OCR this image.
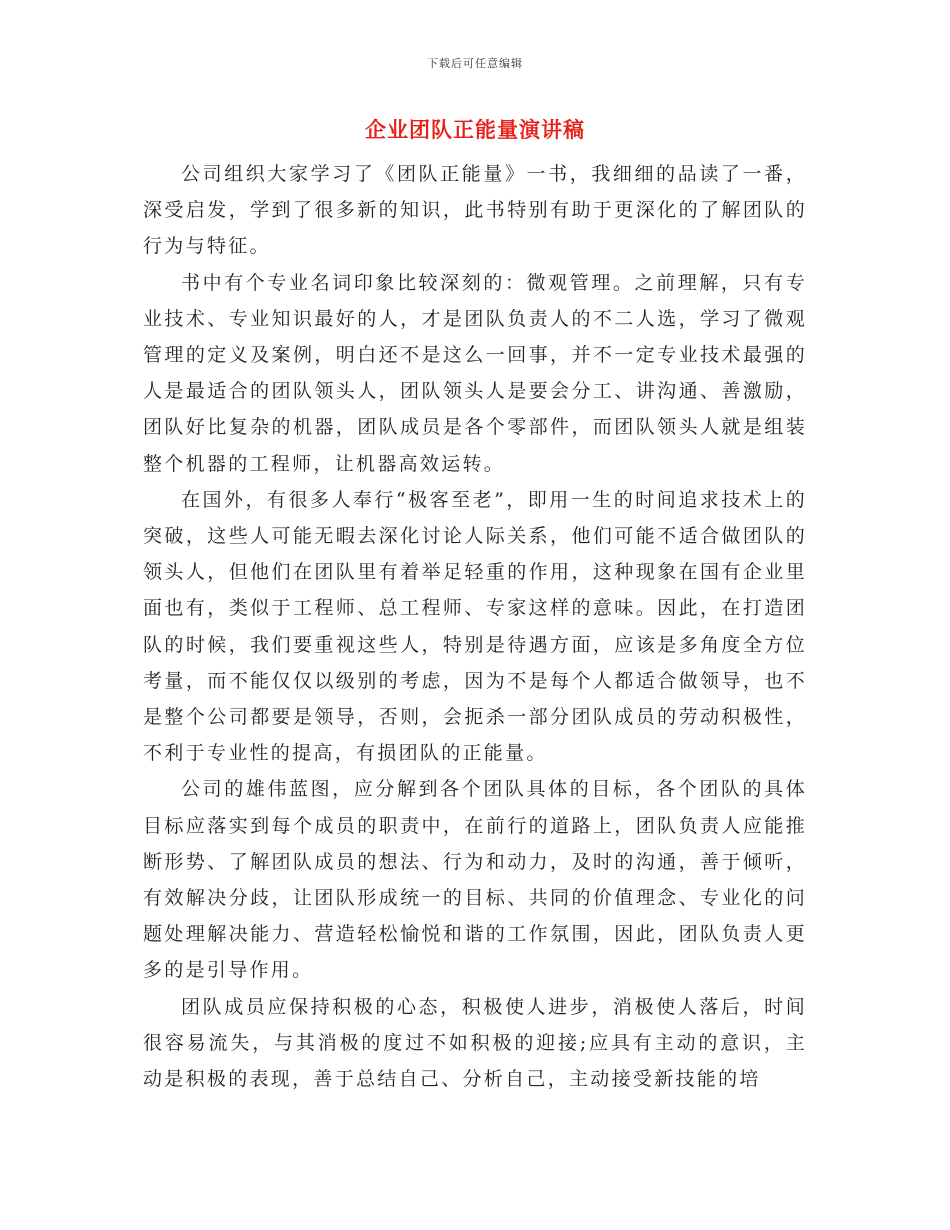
下载后可任意编辑
企业团队正能量演讲稿

公司组织大家学习了《团队正能量》一书，我细细的品读了一番，深受启发，学到了很多新的知识，此书特别有助于更深化的了解团队的行为与特征。

书中有个专业名词印象比较深刻的：微观管理。之前理解，只有专业技术、专业知识最好的人，才是团队负责人的不二人选，学习了微观管理的定义及案例，明白还不是这么一回事，并不一定专业技术最强的人是最适合的团队领头人，团队领头人是要会分工、讲沟通、善激励，团队好比复杂的机器，团队成员是各个零部件，而团队领头人就是组装整个机器的工程师，让机器高效运转。

在国外，有很多人奉行“极客至老”，即用一生的时间追求技术上的突破，这些人可能无暇去深化讨论人际关系，他们可能不适合做团队的领头人，但他们在团队里有着举足轻重的作用，这种现象在国有企业里面也有，类似于工程师、总工程师、专家这样的意味。因此，在打造团队的时候，我们要重视这些人，特别是待遇方面，应该是多角度全方位考量，而不能仅仅以级别的考虑，因为不是每个人都适合做领导，也不是整个公司都要是领导，否则，会扼杀一部分团队成员的劳动积极性，不利于专业性的提高，有损团队的正能量。

公司的雄伟蓝图，应分解到各个团队具体的目标，各个团队的具体目标应落实到每个成员的职责中，在前行的道路上，团队负责人应能推断形势、了解团队成员的想法、行为和动力，及时的沟通，善于倾听，有效解决分歧，让团队形成统一的目标、共同的价值理念、专业化的问题处理解决能力、营造轻松愉悦和谐的工作氛围，因此，团队负责人更多的是引导作用。

团队成员应保持积极的心态，积极使人进步，消极使人落后，时间很容易流失，与其消极的度过不如积极的迎接;应具有主动的意识，主动是积极的表现，善于总结自己、分析自己，主动接受新技能的培
